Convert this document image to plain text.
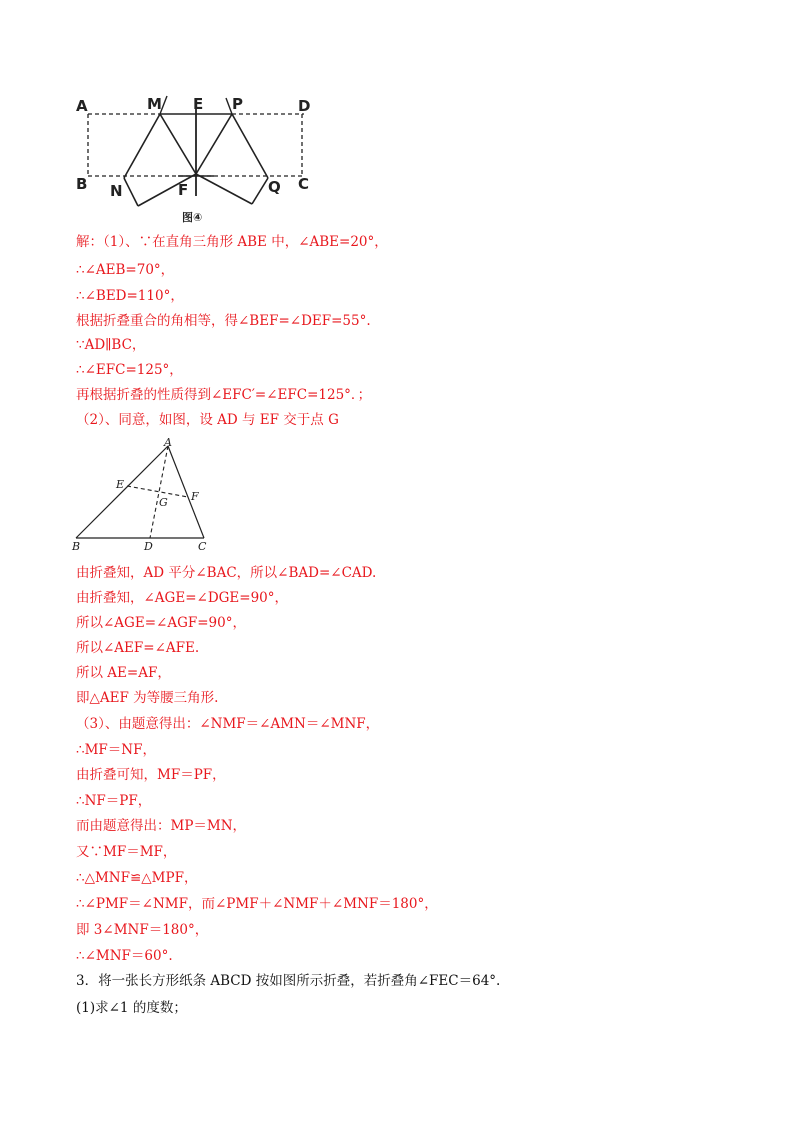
A	M E P	D
B N	F	Q C
图④
A
E
F
G
B	D	C
解：（1）、∵在直角三角形 ABE 中，∠ABE=20°，
∴∠AEB=70°，
∴∠BED=110°，
根据折叠重合的角相等，得∠BEF=∠DEF=55°.
∵AD∥BC，
∴∠EFC=125°，
再根据折叠的性质得到∠EFC′=∠EFC=125°．；
（2）、同意，如图，设 AD 与 EF 交于点 G
由折叠知，AD 平分∠BAC，所以∠BAD=∠CAD.
由折叠知，∠AGE=∠DGE=90°，
所以∠AGE=∠AGF=90°，
所以∠AEF=∠AFE.
所以 AE=AF，
即△AEF 为等腰三角形.
（3）、由题意得出：∠NMF＝∠AMN＝∠MNF，
∴MF＝NF，
由折叠可知，MF＝PF，
∴NF＝PF，
而由题意得出：MP＝MN，
又∵MF＝MF，
∴△MNF≌△MPF，
∴∠PMF＝∠NMF，而∠PMF＋∠NMF＋∠MNF＝180°，
即 3∠MNF＝180°，
∴∠MNF＝60°.
3．将一张长方形纸条 ABCD 按如图所示折叠，若折叠角∠FEC＝64°.
(1)求∠1 的度数；
